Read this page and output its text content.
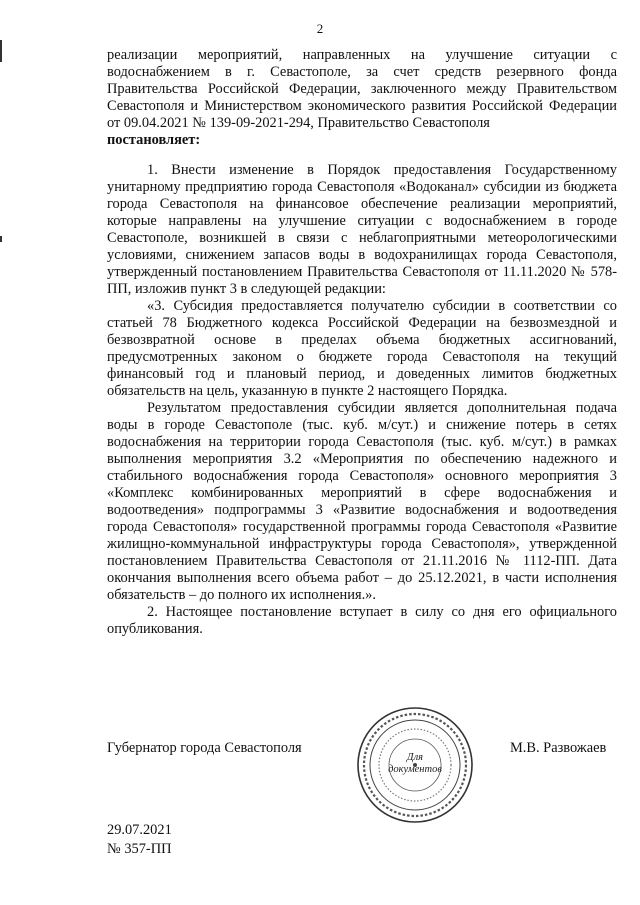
2

реализации мероприятий, направленных на улучшение ситуации с водоснабжением в г. Севастополе, за счет средств резервного фонда Правительства Российской Федерации, заключенного между Правительством Севастополя и Министерством экономического развития Российской Федерации от 09.04.2021 № 139-09-2021-294, Правительство Севастополя
постановляет:

1. Внести изменение в Порядок предоставления Государственному унитарному предприятию города Севастополя «Водоканал» субсидии из бюджета города Севастополя на финансовое обеспечение реализации мероприятий, которые направлены на улучшение ситуации с водоснабжением в городе Севастополе, возникшей в связи с неблагоприятными метеорологическими условиями, снижением запасов воды в водохранилищах города Севастополя, утвержденный постановлением Правительства Севастополя от 11.11.2020 № 578-ПП, изложив пункт 3 в следующей редакции:

«3. Субсидия предоставляется получателю субсидии в соответствии со статьей 78 Бюджетного кодекса Российской Федерации на безвозмездной и безвозвратной основе в пределах объема бюджетных ассигнований, предусмотренных законом о бюджете города Севастополя на текущий финансовый год и плановый период, и доведенных лимитов бюджетных обязательств на цель, указанную в пункте 2 настоящего Порядка.

Результатом предоставления субсидии является дополнительная подача воды в городе Севастополе (тыс. куб. м/сут.) и снижение потерь в сетях водоснабжения на территории города Севастополя (тыс. куб. м/сут.) в рамках выполнения мероприятия 3.2 «Мероприятия по обеспечению надежного и стабильного водоснабжения города Севастополя» основного мероприятия 3 «Комплекс комбинированных мероприятий в сфере водоснабжения и водоотведения» подпрограммы 3 «Развитие водоснабжения и водоотведения города Севастополя» государственной программы города Севастополя «Развитие жилищно-коммунальной инфраструктуры города Севастополя», утвержденной постановлением Правительства Севастополя от 21.11.2016 № 1112-ПП. Дата окончания выполнения всего объема работ – до 25.12.2021, в части исполнения обязательств – до полного их исполнения.».

2. Настоящее постановление вступает в силу со дня его официального опубликования.

Губернатор города Севастополя	М.В. Развожаев
Для
документов
29.07.2021
№ 357-ПП
